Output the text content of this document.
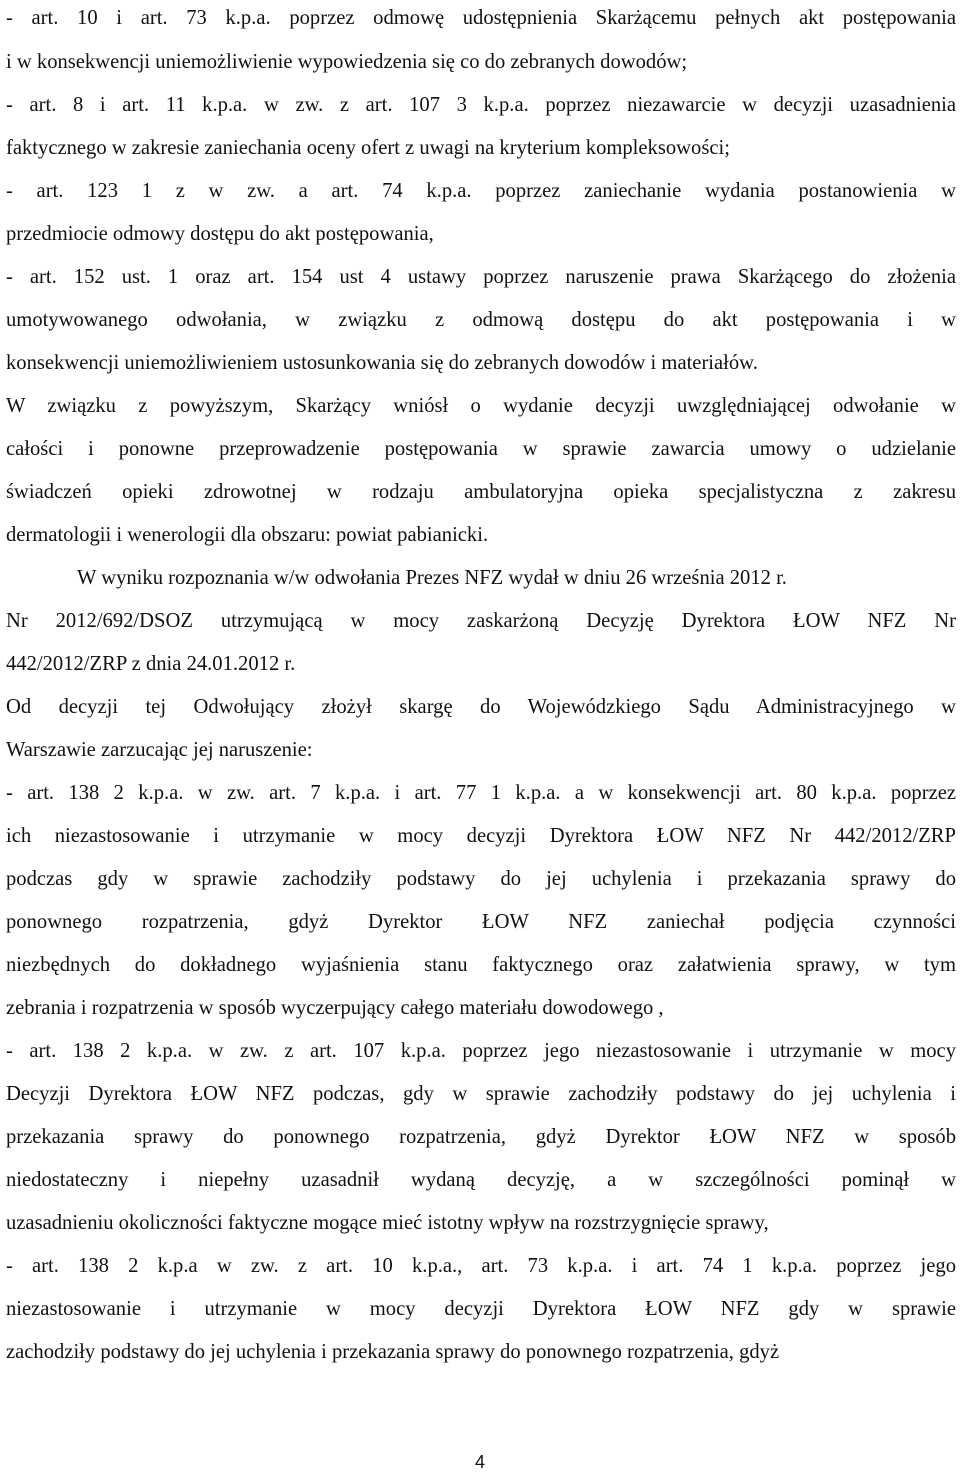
- art. 10 i art. 73 k.p.a. poprzez odmowę udostępnienia Skarżącemu pełnych akt postępowania
i w konsekwencji uniemożliwienie wypowiedzenia się co do zebranych dowodów;
- art. 8 i art. 11 k.p.a. w zw. z art. 107 3 k.p.a. poprzez niezawarcie w decyzji uzasadnienia
faktycznego w zakresie zaniechania oceny ofert z uwagi na kryterium kompleksowości;
- art. 123 1 z w zw. a art. 74 k.p.a. poprzez zaniechanie wydania postanowienia w
przedmiocie odmowy dostępu do akt postępowania,
- art. 152 ust. 1 oraz art. 154 ust 4 ustawy poprzez naruszenie prawa Skarżącego do złożenia
umotywowanego odwołania, w związku z odmową dostępu do akt postępowania i w
konsekwencji uniemożliwieniem ustosunkowania się do zebranych dowodów i materiałów.
W związku z powyższym, Skarżący wniósł o wydanie decyzji uwzględniającej odwołanie w
całości i ponowne przeprowadzenie postępowania w sprawie zawarcia umowy o udzielanie
świadczeń opieki zdrowotnej w rodzaju ambulatoryjna opieka specjalistyczna z zakresu
dermatologii i wenerologii dla obszaru: powiat pabianicki.
W wyniku rozpoznania w/w odwołania Prezes NFZ wydał w dniu 26 września 2012 r.
Nr 2012/692/DSOZ utrzymującą w mocy zaskarżoną Decyzję Dyrektora ŁOW NFZ Nr
442/2012/ZRP z dnia 24.01.2012 r.
Od decyzji tej Odwołujący złożył skargę do Wojewódzkiego Sądu Administracyjnego w
Warszawie zarzucając jej naruszenie:
- art. 138 2 k.p.a. w zw. art. 7 k.p.a. i art. 77 1 k.p.a. a w konsekwencji art. 80 k.p.a. poprzez
ich niezastosowanie i utrzymanie w mocy decyzji Dyrektora ŁOW NFZ Nr 442/2012/ZRP
podczas gdy w sprawie zachodziły podstawy do jej uchylenia i przekazania sprawy do
ponownego rozpatrzenia, gdyż Dyrektor ŁOW NFZ zaniechał podjęcia czynności
niezbędnych do dokładnego wyjaśnienia stanu faktycznego oraz załatwienia sprawy, w tym
zebrania i rozpatrzenia w sposób wyczerpujący całego materiału dowodowego ,
- art. 138 2 k.p.a. w zw. z art. 107 k.p.a. poprzez jego niezastosowanie i utrzymanie w mocy
Decyzji Dyrektora ŁOW NFZ podczas, gdy w sprawie zachodziły podstawy do jej uchylenia i
przekazania sprawy do ponownego rozpatrzenia, gdyż Dyrektor ŁOW NFZ w sposób
niedostateczny i niepełny uzasadnił wydaną decyzję, a w szczególności pominął w
uzasadnieniu okoliczności faktyczne mogące mieć istotny wpływ na rozstrzygnięcie sprawy,
- art. 138 2 k.p.a w zw. z art. 10 k.p.a., art. 73 k.p.a. i art. 74 1 k.p.a. poprzez jego
niezastosowanie i utrzymanie w mocy decyzji Dyrektora ŁOW NFZ gdy w sprawie
zachodziły podstawy do jej uchylenia i przekazania sprawy do ponownego rozpatrzenia, gdyż
4
